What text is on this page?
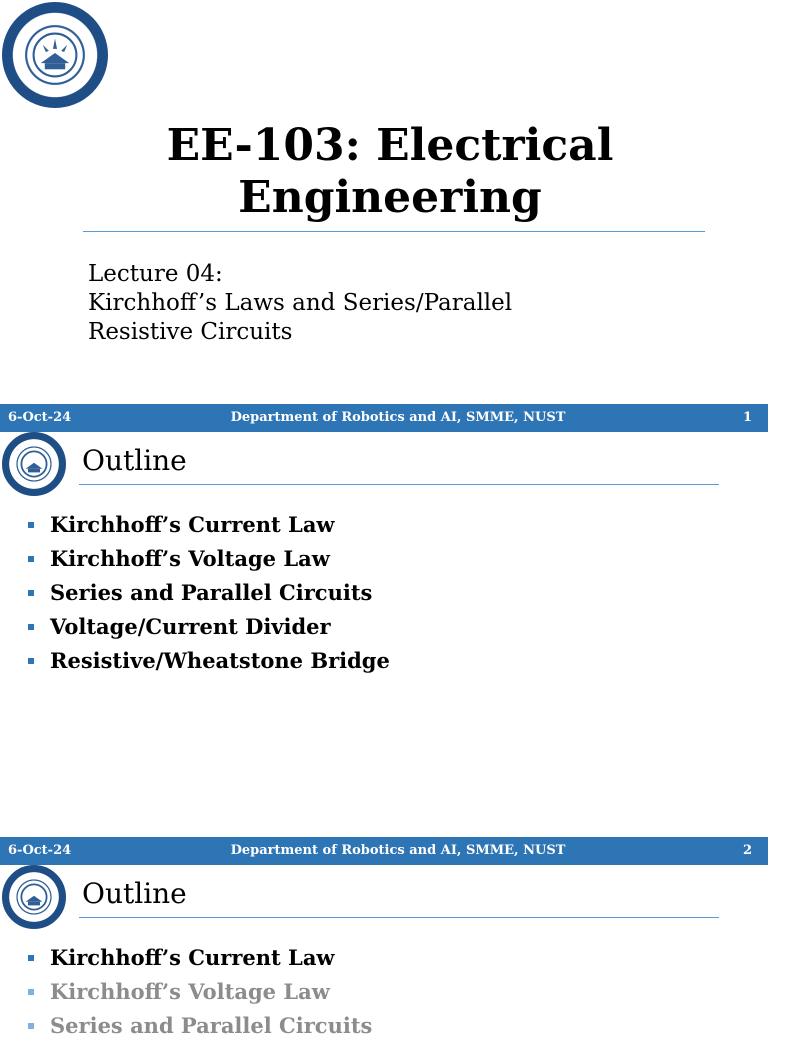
EE-103: Electrical
Engineering
Lecture 04:
Kirchhoff’s Laws and Series/Parallel
Resistive Circuits
6-Oct-24	Department of Robotics and AI, SMME, NUST	1
Outline
Kirchhoff’s Current Law
Kirchhoff’s Voltage Law
Series and Parallel Circuits
Voltage/Current Divider
Resistive/Wheatstone Bridge
6-Oct-24	Department of Robotics and AI, SMME, NUST	2
Outline
Kirchhoff’s Current Law
Kirchhoff’s Voltage Law
Series and Parallel Circuits
